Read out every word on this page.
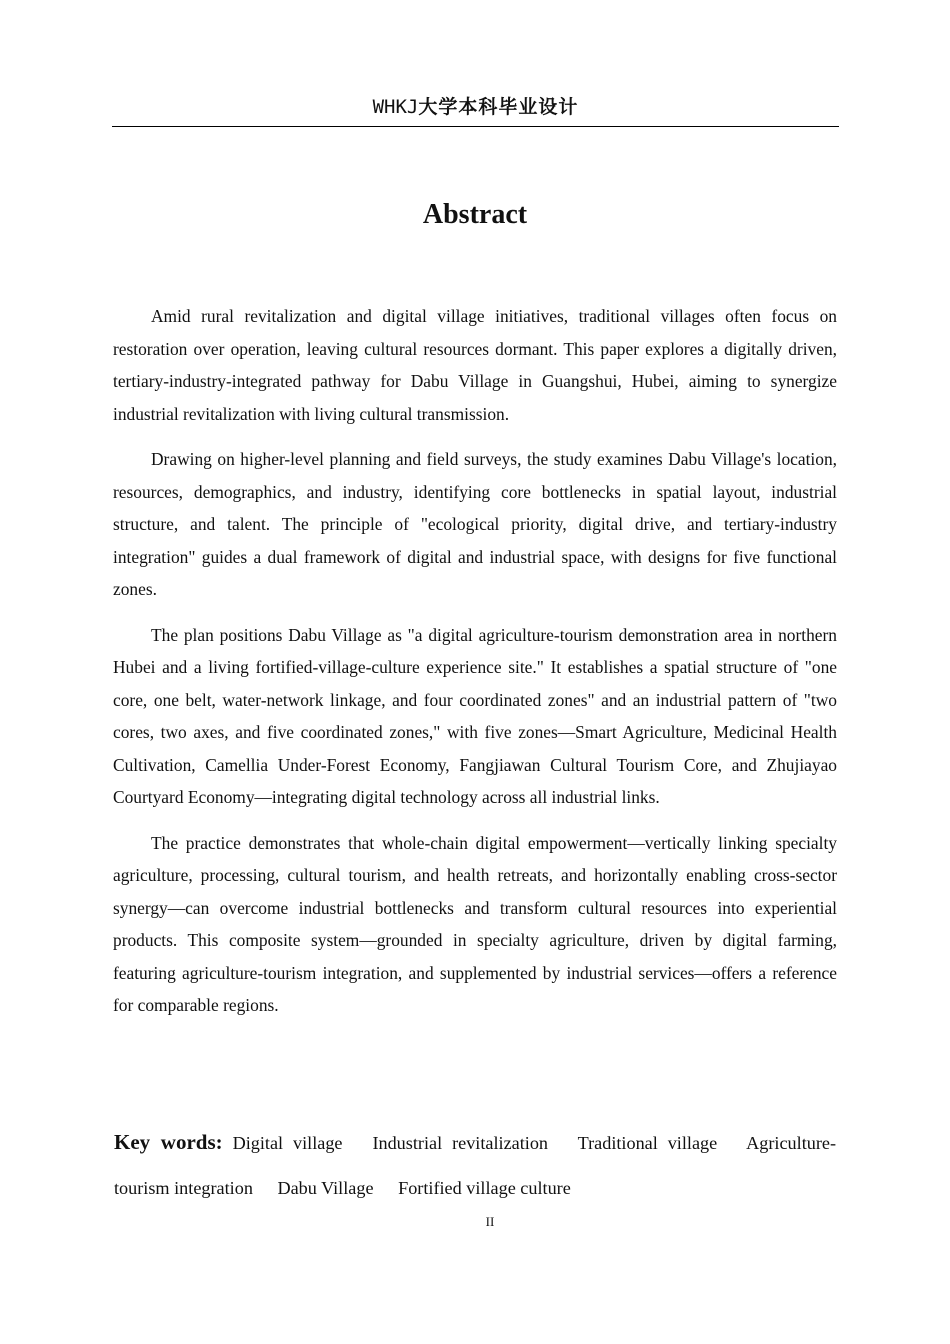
WHKJ大学本科毕业设计
Abstract

Amid rural revitalization and digital village initiatives, traditional villages often focus on restoration over operation, leaving cultural resources dormant. This paper explores a digitally driven, tertiary-industry-integrated pathway for Dabu Village in Guangshui, Hubei, aiming to synergize industrial revitalization with living cultural transmission.

Drawing on higher-level planning and field surveys, the study examines Dabu Village's location, resources, demographics, and industry, identifying core bottlenecks in spatial layout, industrial structure, and talent. The principle of "ecological priority, digital drive, and tertiary-industry integration" guides a dual framework of digital and industrial space, with designs for five functional zones.

The plan positions Dabu Village as "a digital agriculture-tourism demonstration area in northern Hubei and a living fortified-village-culture experience site." It establishes a spatial structure of "one core, one belt, water-network linkage, and four coordinated zones" and an industrial pattern of "two cores, two axes, and five coordinated zones," with five zones—Smart Agriculture, Medicinal Health Cultivation, Camellia Under-Forest Economy, Fangjiawan Cultural Tourism Core, and Zhujiayao Courtyard Economy—integrating digital technology across all industrial links.

The practice demonstrates that whole-chain digital empowerment—vertically linking specialty agriculture, processing, cultural tourism, and health retreats, and horizontally enabling cross-sector synergy—can overcome industrial bottlenecks and transform cultural resources into experiential products. This composite system—grounded in specialty agriculture, driven by digital farming, featuring agriculture-tourism integration, and supplemented by industrial services—offers a reference for comparable regions.

Key words: Digital village Industrial revitalization Traditional village Agriculture-tourism integration Dabu Village Fortified village culture
II
